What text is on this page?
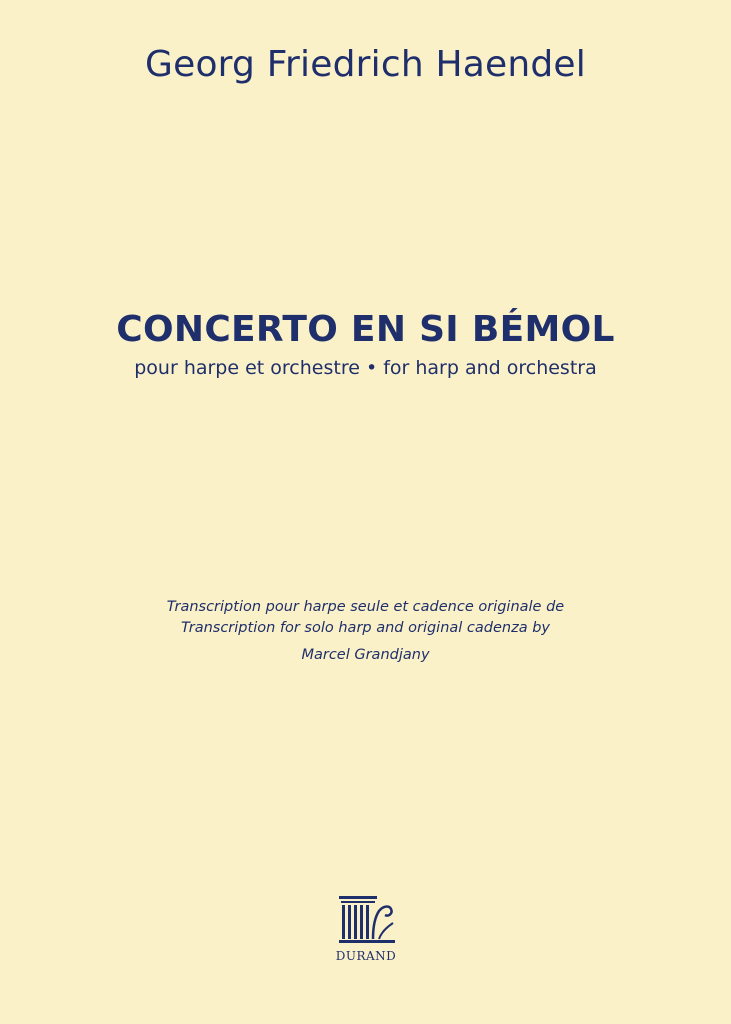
Georg Friedrich Haendel
CONCERTO EN SI BÉMOL
pour harpe et orchestre • for harp and orchestra
Transcription pour harpe seule et cadence originale de
Transcription for solo harp and original cadenza by
Marcel Grandjany
DURAND
